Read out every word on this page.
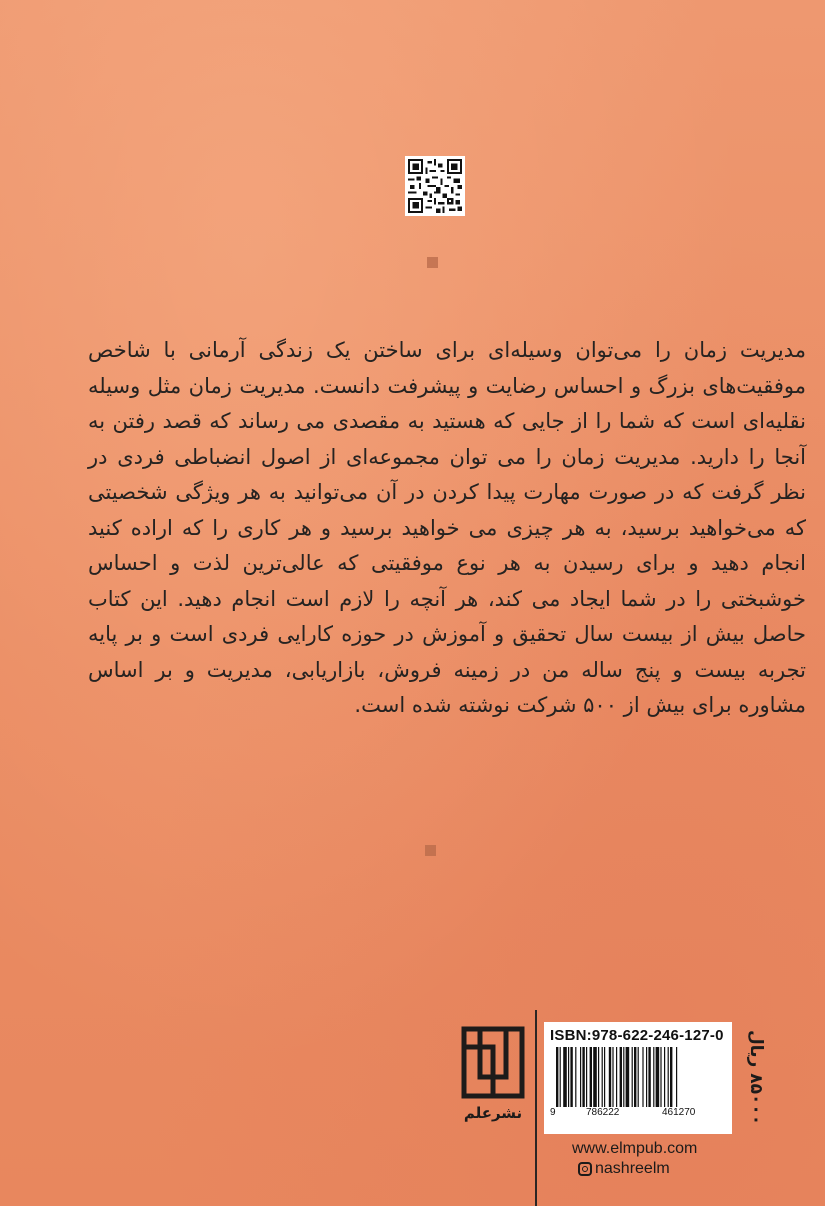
مدیریت زمان را می‌توان وسیله‌ای برای ساختن یک زندگی آرمانی با شاخص موفقیت‌های بزرگ و احساس رضایت و پیشرفت دانست. مدیریت زمان مثل وسیله نقلیه‌ای است که شما را از جایی که هستید به مقصدی می رساند که قصد رفتن به آنجا را دارید. مدیریت زمان را می توان مجموعه‌ای از اصول انضباطی فردی در نظر گرفت که در صورت مهارت پیدا کردن در آن می‌توانید به هر ویژگی شخصیتی که می‌خواهید برسید، به هر چیزی می خواهید برسید و هر کاری را که اراده کنید انجام دهید و برای رسیدن به هر نوع موفقیتی که عالی‌ترین لذت و احساس خوشبختی را در شما ایجاد می کند، هر آنچه را لازم است انجام دهید. این کتاب حاصل بیش از بیست سال تحقیق و آموزش در حوزه کارایی فردی است و بر پایه تجربه بیست و پنج ساله من در زمینه فروش، بازاریابی، مدیریت و بر اساس مشاوره برای بیش از ۵۰۰ شرکت نوشته شده است.

نشرعلم
ISBN:978-622-246-127-0
9	786222	461270
۸۵۰۰۰ ریال
www.elmpub.com
nashreelm
